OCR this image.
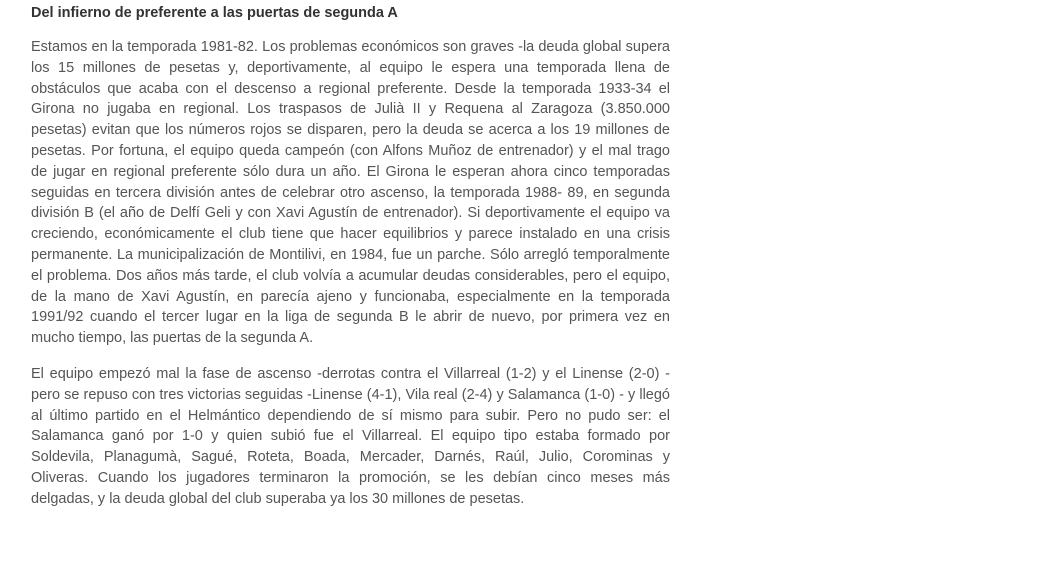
Del infierno de preferente a las puertas de segunda A

Estamos en la temporada 1981-82. Los problemas económicos son graves -la deuda global supera los 15 millones de pesetas y, deportivamente, al equipo le espera una temporada llena de obstáculos que acaba con el descenso a regional preferente. Desde la temporada 1933-34 el Girona no jugaba en regional. Los traspasos de Julià II y Requena al Zaragoza (3.850.000 pesetas) evitan que los números rojos se disparen, pero la deuda se acerca a los 19 millones de pesetas. Por fortuna, el equipo queda campeón (con Alfons Muñoz de entrenador) y el mal trago de jugar en regional preferente sólo dura un año. El Girona le esperan ahora cinco temporadas seguidas en tercera división antes de celebrar otro ascenso, la temporada 1988- 89, en segunda división B (el año de Delfí Geli y con Xavi Agustín de entrenador). Si deportivamente el equipo va creciendo, económicamente el club tiene que hacer equilibrios y parece instalado en una crisis permanente. La municipalización de Montilivi, en 1984, fue un parche. Sólo arregló temporalmente el problema. Dos años más tarde, el club volvía a acumular deudas considerables, pero el equipo, de la mano de Xavi Agustín, en parecía ajeno y funcionaba, especialmente en la temporada 1991/92 cuando el tercer lugar en la liga de segunda B le abrir de nuevo, por primera vez en mucho tiempo, las puertas de la segunda A.

El equipo empezó mal la fase de ascenso -derrotas contra el Villarreal (1-2) y el Linense (2-0) - pero se repuso con tres victorias seguidas -Linense (4-1), Vila real (2-4) y Salamanca (1-0) - y llegó al último partido en el Helmántico dependiendo de sí mismo para subir. Pero no pudo ser: el Salamanca ganó por 1-0 y quien subió fue el Villarreal. El equipo tipo estaba formado por Soldevila, Planagumà, Sagué, Roteta, Boada, Mercader, Darnés, Raúl, Julio, Corominas y Oliveras. Cuando los jugadores terminaron la promoción, se les debían cinco meses más delgadas, y la deuda global del club superaba ya los 30 millones de pesetas.
